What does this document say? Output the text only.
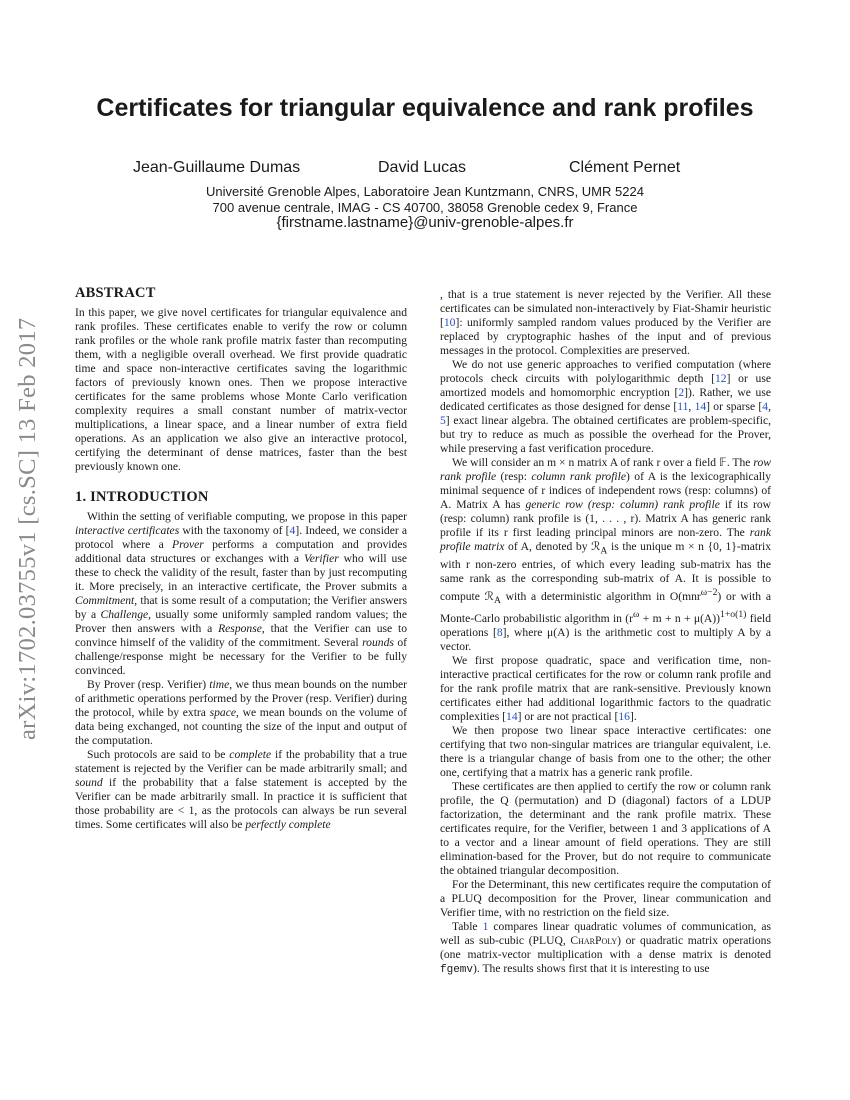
arXiv:1702.03755v1 [cs.SC] 13 Feb 2017
Certificates for triangular equivalence and rank profiles
Jean-Guillaume Dumas	David Lucas	Clément Pernet
Université Grenoble Alpes, Laboratoire Jean Kuntzmann, CNRS, UMR 5224
700 avenue centrale, IMAG - CS 40700, 38058 Grenoble cedex 9, France
{firstname.lastname}@univ-grenoble-alpes.fr
ABSTRACT

In this paper, we give novel certificates for triangular equivalence and rank profiles. These certificates enable to verify the row or column rank profiles or the whole rank profile matrix faster than recomputing them, with a negligible overall overhead. We first provide quadratic time and space non-interactive certificates saving the logarithmic factors of previously known ones. Then we propose interactive certificates for the same problems whose Monte Carlo verification complexity requires a small constant number of matrix-vector multiplications, a linear space, and a linear number of extra field operations. As an application we also give an interactive protocol, certifying the determinant of dense matrices, faster than the best previously known one.

1. INTRODUCTION

Within the setting of verifiable computing, we propose in this paper interactive certificates with the taxonomy of [4]. Indeed, we consider a protocol where a Prover performs a computation and provides additional data structures or exchanges with a Verifier who will use these to check the validity of the result, faster than by just recomputing it. More precisely, in an interactive certificate, the Prover submits a Commitment, that is some result of a computation; the Verifier answers by a Challenge, usually some uniformly sampled random values; the Prover then answers with a Response, that the Verifier can use to convince himself of the validity of the commitment. Several rounds of challenge/response might be necessary for the Verifier to be fully convinced.

By Prover (resp. Verifier) time, we thus mean bounds on the number of arithmetic operations performed by the Prover (resp. Verifier) during the protocol, while by extra space, we mean bounds on the volume of data being exchanged, not counting the size of the input and output of the computation.

Such protocols are said to be complete if the probability that a true statement is rejected by the Verifier can be made arbitrarily small; and sound if the probability that a false statement is accepted by the Verifier can be made arbitrarily small. In practice it is sufficient that those probability are < 1, as the protocols can always be run several times. Some certificates will also be perfectly complete

, that is a true statement is never rejected by the Verifier. All these certificates can be simulated non-interactively by Fiat-Shamir heuristic [10]: uniformly sampled random values produced by the Verifier are replaced by cryptographic hashes of the input and of previous messages in the protocol. Complexities are preserved.

We do not use generic approaches to verified computation (where protocols check circuits with polylogarithmic depth [12] or use amortized models and homomorphic encryption [2]). Rather, we use dedicated certificates as those designed for dense [11, 14] or sparse [4, 5] exact linear algebra. The obtained certificates are problem-specific, but try to reduce as much as possible the overhead for the Prover, while preserving a fast verification procedure.

We will consider an m × n matrix A of rank r over a field 𝔽. The row rank profile (resp: column rank profile) of A is the lexicographically minimal sequence of r indices of independent rows (resp: columns) of A. Matrix A has generic row (resp: column) rank profile if its row (resp: column) rank profile is (1, . . . , r). Matrix A has generic rank profile if its r first leading principal minors are non-zero. The rank profile matrix of A, denoted by ℛ$_A$ is the unique m × n {0, 1}-matrix with r non-zero entries, of which every leading sub-matrix has the same rank as the corresponding sub-matrix of A. It is possible to compute ℛ$_A$ with a deterministic algorithm in O(mnr$^{\omega-2}$) or with a Monte-Carlo probabilistic algorithm in $(r^\omega + m + n + \mu(A))^{1+o(1)}$ field operations [8], where μ(A) is the arithmetic cost to multiply A by a vector.

We first propose quadratic, space and verification time, non-interactive practical certificates for the row or column rank profile and for the rank profile matrix that are rank-sensitive. Previously known certificates either had additional logarithmic factors to the quadratic complexities [14] or are not practical [16].

We then propose two linear space interactive certificates: one certifying that two non-singular matrices are triangular equivalent, i.e. there is a triangular change of basis from one to the other; the other one, certifying that a matrix has a generic rank profile.

These certificates are then applied to certify the row or column rank profile, the Q (permutation) and D (diagonal) factors of a LDUP factorization, the determinant and the rank profile matrix. These certificates require, for the Verifier, between 1 and 3 applications of A to a vector and a linear amount of field operations. They are still elimination-based for the Prover, but do not require to communicate the obtained triangular decomposition.

For the Determinant, this new certificates require the computation of a PLUQ decomposition for the Prover, linear communication and Verifier time, with no restriction on the field size.

Table 1 compares linear quadratic volumes of communication, as well as sub-cubic (PLUQ, CharPoly) or quadratic matrix operations (one matrix-vector multiplication with a dense matrix is denoted fgemv). The results shows first that it is interesting to use
